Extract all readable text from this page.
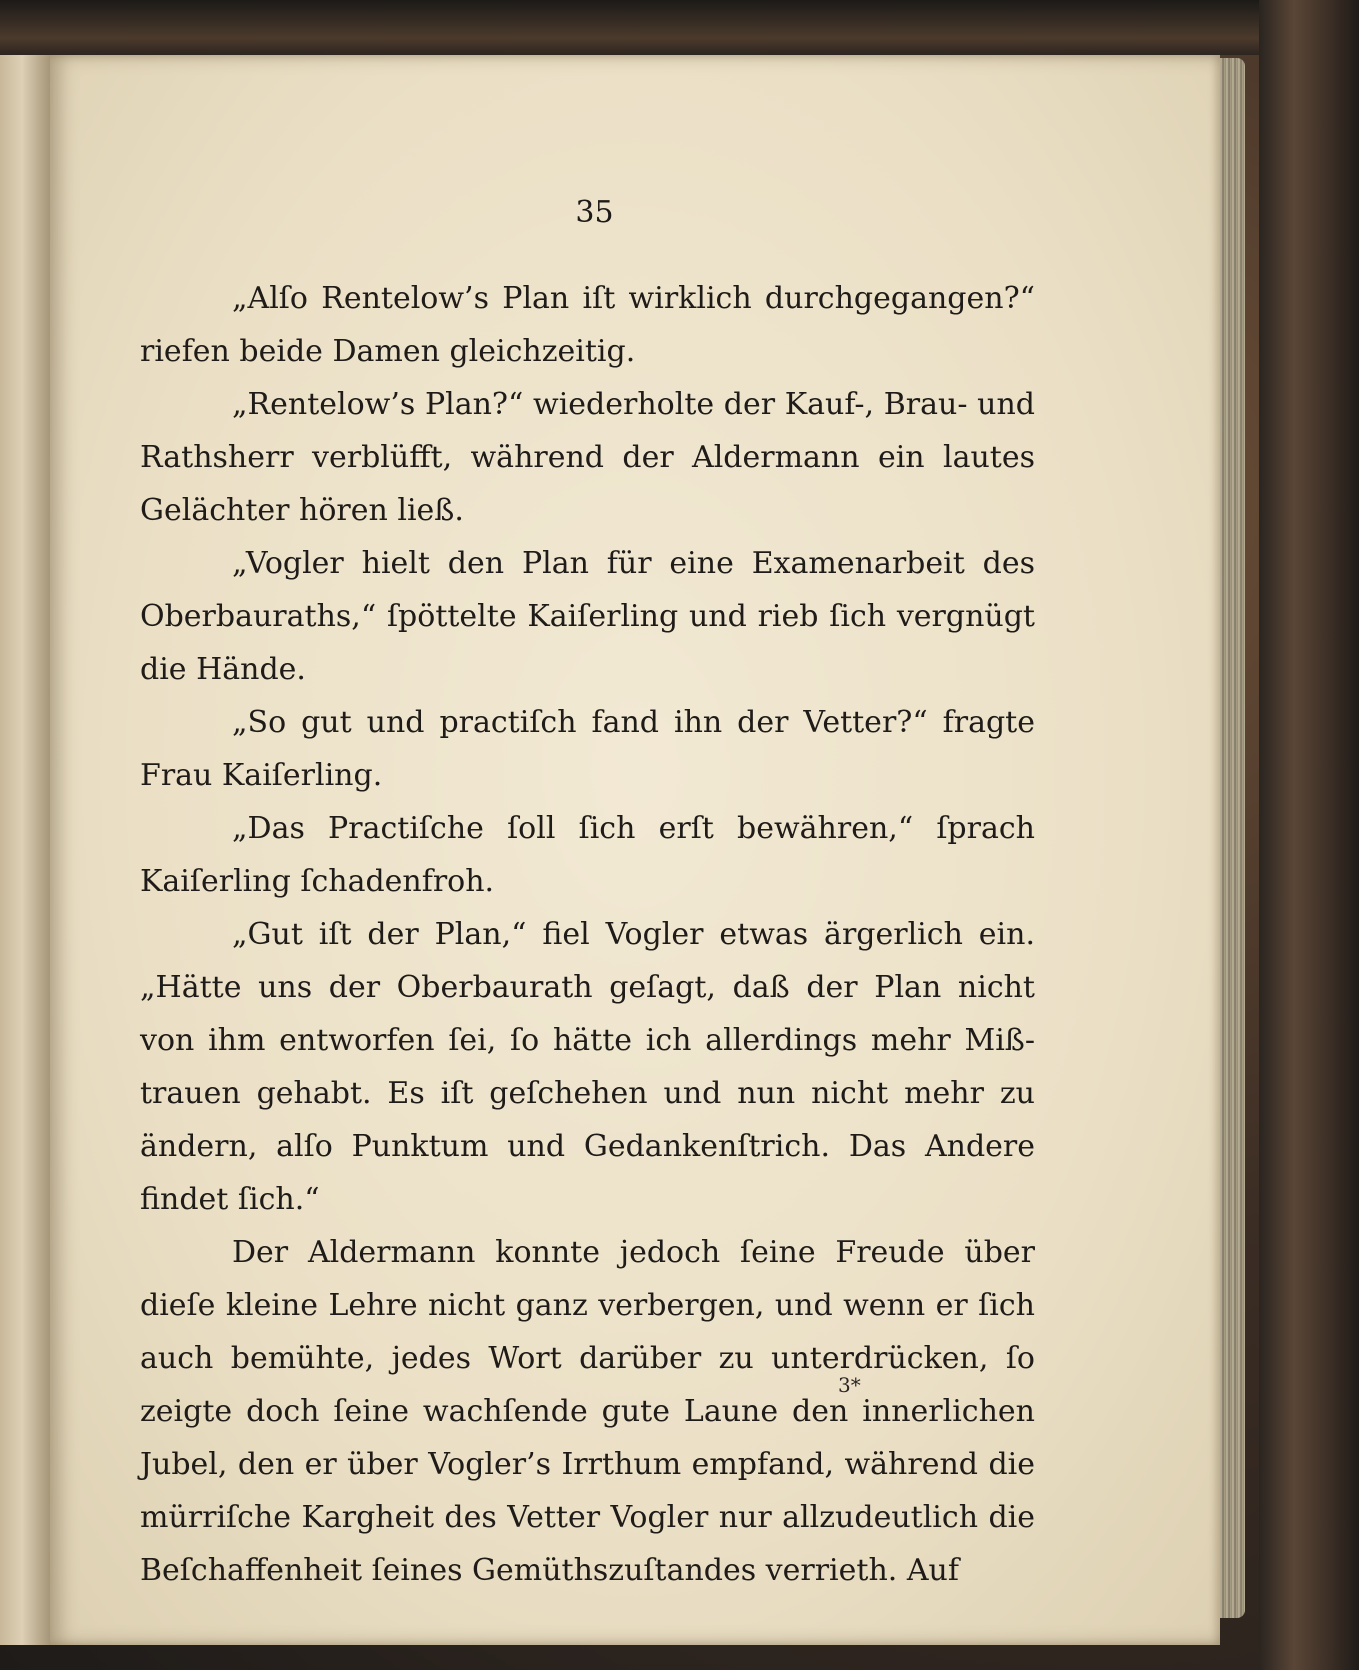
35

„Alſo Rentelow’s Plan iſt wirklich durchgegangen?“ riefen beide Damen gleichzeitig.

„Rentelow’s Plan?“ wiederholte der Kauf-, Brau- und Rathsherr verblüfft, während der Aldermann ein lautes Gelächter hören ließ.

„Vogler hielt den Plan für eine Examenarbeit des Oberbauraths,“ ſpöttelte Kaiſerling und rieb ſich vergnügt die Hände.

„So gut und practiſch fand ihn der Vetter?“ fragte Frau Kaiſerling.

„Das Practiſche ſoll ſich erſt bewähren,“ ſprach Kaiſerling ſchadenfroh.

„Gut iſt der Plan,“ fiel Vogler etwas ärgerlich ein. „Hätte uns der Oberbaurath geſagt, daß der Plan nicht von ihm entworfen ſei, ſo hätte ich allerdings mehr Miß- trauen gehabt. Es iſt geſchehen und nun nicht mehr zu ändern, alſo Punktum und Gedankenſtrich. Das Andere findet ſich.“

Der Aldermann konnte jedoch ſeine Freude über dieſe kleine Lehre nicht ganz verbergen, und wenn er ſich auch bemühte, jedes Wort darüber zu unterdrücken, ſo zeigte doch ſeine wachſende gute Laune den innerlichen Jubel, den er über Vogler’s Irrthum empfand, während die mürriſche Kargheit des Vetter Vogler nur allzudeutlich die Beſchaffenheit ſeines Gemüthszuſtandes verrieth. Auf

3*
